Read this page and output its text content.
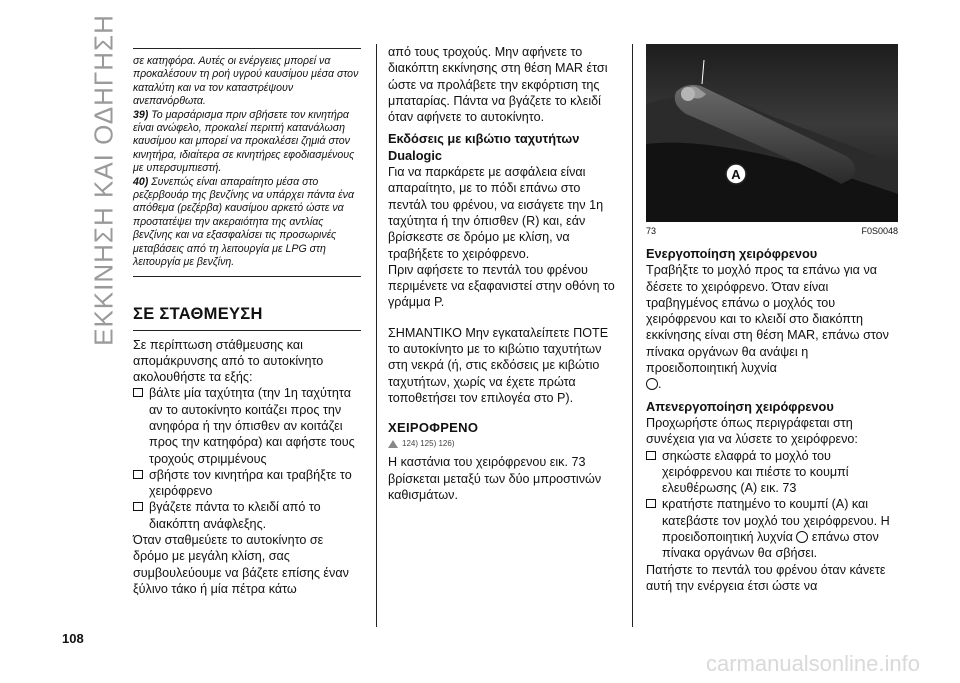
ΕΚΚΙΝΗΣΗ ΚΑΙ ΟΔΗΓΗΣΗ σε κατηφόρα. Αυτές οι ενέργειες μπορεί να προκαλέσουν τη ροή υγρού καυσίμου μέσα στον καταλύτη και να τον καταστρέψουν ανεπανόρθωτα.
39) Το μαρσάρισμα πριν σβήσετε τον κινητήρα είναι ανώφελο, προκαλεί περιττή κατανάλωση καυσίμου και μπορεί να προκαλέσει ζημιά στον κινητήρα, ιδιαίτερα σε κινητήρες εφοδιασμένους με υπερσυμπιεστή.
40) Συνεπώς είναι απαραίτητο μέσα στο ρεζερβουάρ της βενζίνης να υπάρχει πάντα ένα απόθεμα (ρεζέρβα) καυσίμου αρκετό ώστε να προστατέψει την ακεραιότητα της αντλίας βενζίνης και να εξασφαλίσει τις προσωρινές μεταβάσεις από τη λειτουργία με LPG στη λειτουργία με βενζίνη.
ΣΕ ΣΤΑΘΜΕΥΣΗ

Σε περίπτωση στάθμευσης και απομάκρυνσης από το αυτοκίνητο ακολουθήστε τα εξής:

βάλτε μία ταχύτητα (την 1η ταχύτητα αν το αυτοκίνητο κοιτάζει προς την ανηφόρα ή την όπισθεν αν κοιτάζει προς την κατηφόρα) και αφήστε τους τροχούς στριμμένους
σβήστε τον κινητήρα και τραβήξτε το χειρόφρενο
βγάζετε πάντα το κλειδί από το διακόπτη ανάφλεξης.

Όταν σταθμεύετε το αυτοκίνητο σε δρόμο με μεγάλη κλίση, σας συμβουλεύουμε να βάζετε επίσης έναν ξύλινο τάκο ή μία πέτρα κάτω

από τους τροχούς. Μην αφήνετε το διακόπτη εκκίνησης στη θέση MAR έτσι ώστε να προλάβετε την εκφόρτιση της μπαταρίας. Πάντα να βγάζετε το κλειδί όταν αφήνετε το αυτοκίνητο.

Εκδόσεις με κιβώτιο ταχυτήτων Dualogic

Για να παρκάρετε με ασφάλεια είναι απαραίτητο, με το πόδι επάνω στο πεντάλ του φρένου, να εισάγετε την 1η ταχύτητα ή την όπισθεν (R) και, εάν βρίσκεστε σε δρόμο με κλίση, να τραβήξετε το χειρόφρενο.

Πριν αφήσετε το πεντάλ του φρένου περιμένετε να εξαφανιστεί στην οθόνη το γράμμα P.

ΣΗΜΑΝΤΙΚΟ Μην εγκαταλείπετε ΠΟΤΕ το αυτοκίνητο με το κιβώτιο ταχυτήτων στη νεκρά (ή, στις εκδόσεις με κιβώτιο ταχυτήτων, χωρίς να έχετε πρώτα τοποθετήσει τον επιλογέα στο P).

ΧΕΙΡΟΦΡΕΝΟ
124) 125) 126)

Η καστάνια του χειρόφρενου εικ. 73 βρίσκεται μεταξύ των δύο μπροστινών καθισμάτων.

A
73	F0S0048
Ενεργοποίηση χειρόφρενου

Τραβήξτε το μοχλό προς τα επάνω για να δέσετε το χειρόφρενο. Όταν είναι τραβηγμένος επάνω ο μοχλός του χειρόφρενου και το κλειδί στο διακόπτη εκκίνησης είναι στη θέση MAR, επάνω στον πίνακα οργάνων θα ανάψει η προειδοποιητική λυχνία
.

Απενεργοποίηση χειρόφρενου

Προχωρήστε όπως περιγράφεται στη συνέχεια για να λύσετε το χειρόφρενο:

σηκώστε ελαφρά το μοχλό του χειρόφρενου και πιέστε το κουμπί ελευθέρωσης (A) εικ. 73
κρατήστε πατημένο το κουμπί (A) και κατεβάστε τον μοχλό του χειρόφρενου. Η προειδοποιητική λυχνία επάνω στον πίνακα οργάνων θα σβήσει.

Πατήστε το πεντάλ του φρένου όταν κάνετε αυτή την ενέργεια έτσι ώστε να

108
carmanualsonline.info
